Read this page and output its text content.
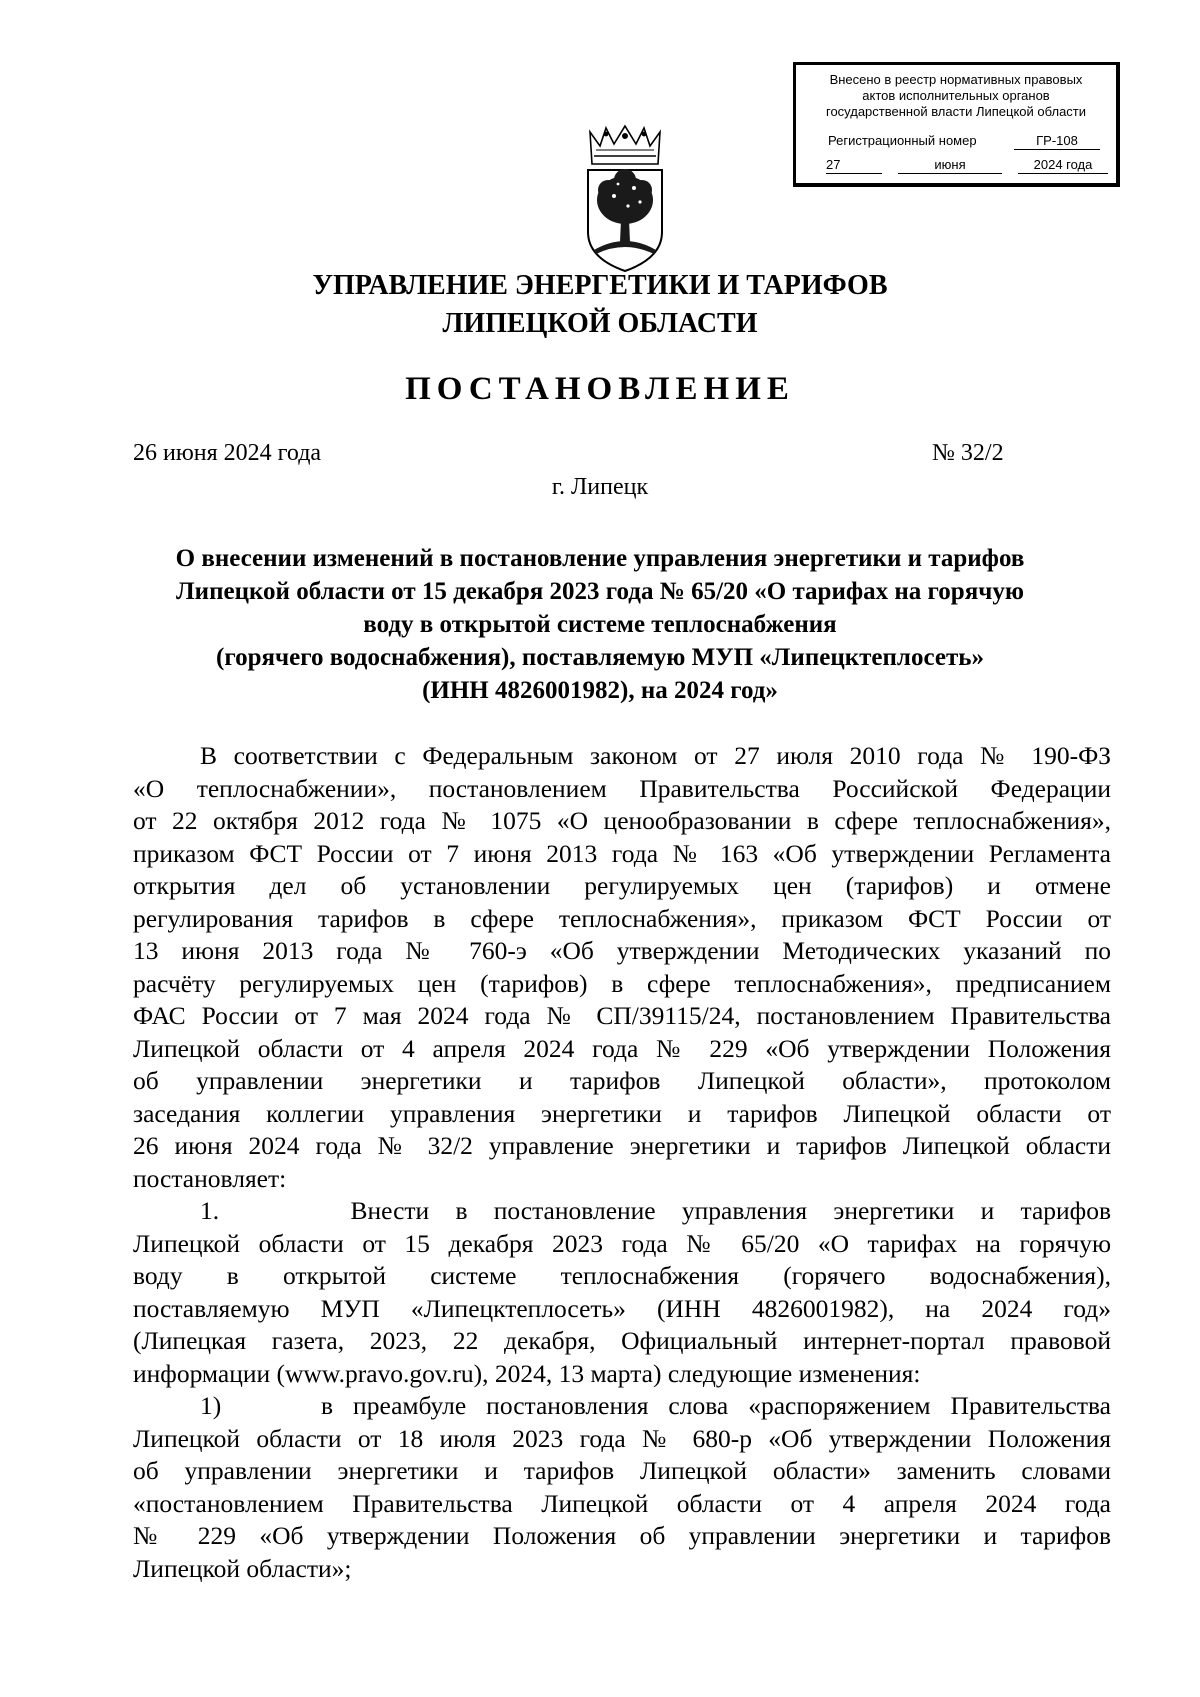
Внесено в реестр нормативных правовых
актов исполнительных органов
государственной власти Липецкой области
Регистрационный номер	ГР-108
27	июня	2024 года
УПРАВЛЕНИЕ ЭНЕРГЕТИКИ И ТАРИФОВ
ЛИПЕЦКОЙ ОБЛАСТИ
ПОСТАНОВЛЕНИЕ
26 июня 2024 года	№ 32/2
г. Липецк
О внесении изменений в постановление управления энергетики и тарифов
Липецкой области от 15 декабря 2023 года № 65/20 «О тарифах на горячую
воду в открытой системе теплоснабжения
(горячего водоснабжения), поставляемую МУП «Липецктеплосеть»
(ИНН 4826001982), на 2024 год»
В соответствии с Федеральным законом от 27 июля 2010 года № 190-ФЗ
«О теплоснабжении», постановлением Правительства Российской Федерации
от 22 октября 2012 года № 1075 «О ценообразовании в сфере теплоснабжения»,
приказом ФСТ России от 7 июня 2013 года № 163 «Об утверждении Регламента
открытия дел об установлении регулируемых цен (тарифов) и отмене
регулирования тарифов в сфере теплоснабжения», приказом ФСТ России от
13 июня 2013 года № 760-э «Об утверждении Методических указаний по
расчёту регулируемых цен (тарифов) в сфере теплоснабжения», предписанием
ФАС России от 7 мая 2024 года № СП/39115/24, постановлением Правительства
Липецкой области от 4 апреля 2024 года № 229 «Об утверждении Положения
об управлении энергетики и тарифов Липецкой области», протоколом
заседания коллегии управления энергетики и тарифов Липецкой области от
26 июня 2024 года № 32/2 управление энергетики и тарифов Липецкой области
постановляет:
1.     Внести в постановление управления энергетики и тарифов
Липецкой области от 15 декабря 2023 года № 65/20 «О тарифах на горячую
воду в открытой системе теплоснабжения (горячего водоснабжения),
поставляемую МУП «Липецктеплосеть» (ИНН 4826001982), на 2024 год»
(Липецкая газета, 2023, 22 декабря, Официальный интернет-портал правовой
информации (www.pravo.gov.ru), 2024, 13 марта) следующие изменения:
1)     в преамбуле постановления слова «распоряжением Правительства
Липецкой области от 18 июля 2023 года № 680-р «Об утверждении Положения
об управлении энергетики и тарифов Липецкой области» заменить словами
«постановлением Правительства Липецкой области от 4 апреля 2024 года
№ 229 «Об утверждении Положения об управлении энергетики и тарифов
Липецкой области»;
